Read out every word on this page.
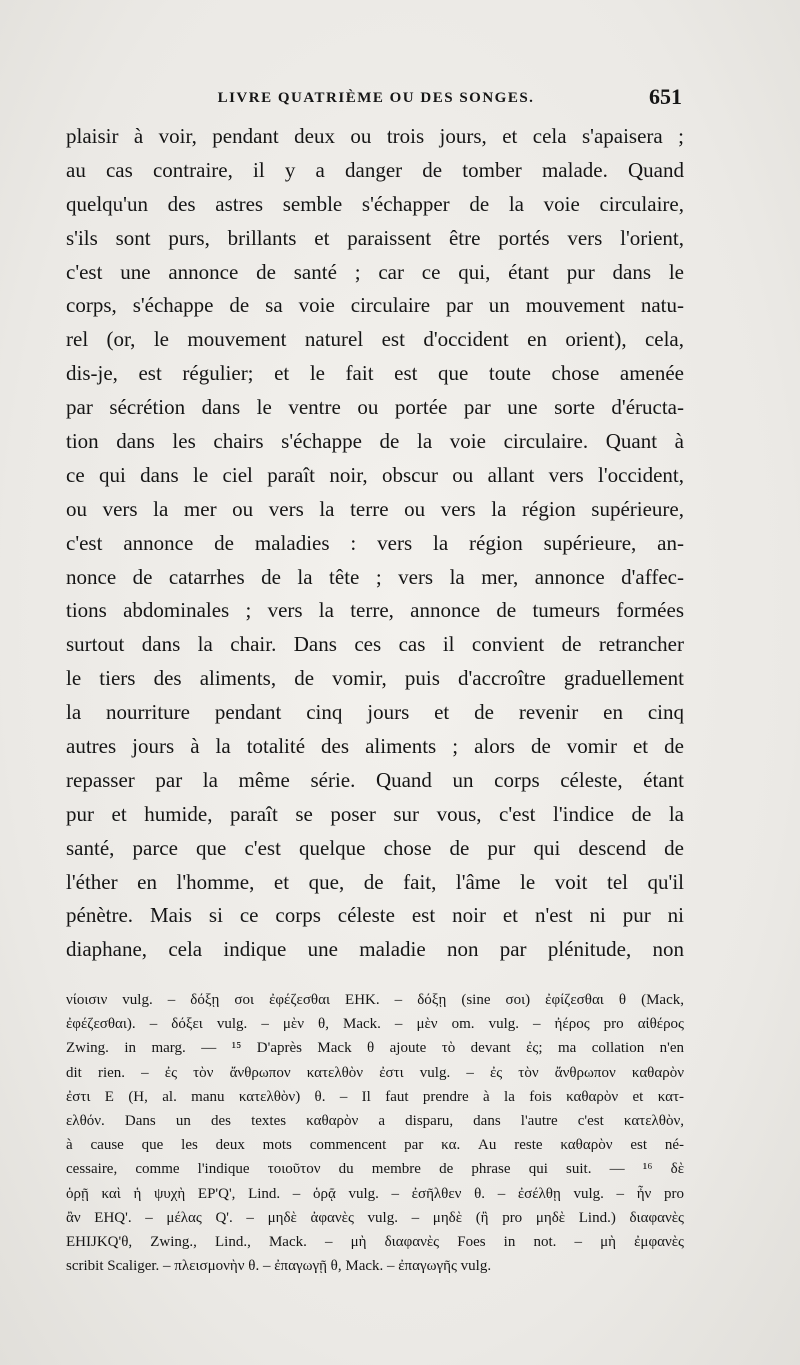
LIVRE QUATRIÈME OU DES SONGES.	651
plaisir à voir, pendant deux ou trois jours, et cela s'apaisera ;
au cas contraire, il y a danger de tomber malade. Quand
quelqu'un des astres semble s'échapper de la voie circulaire,
s'ils sont purs, brillants et paraissent être portés vers l'orient,
c'est une annonce de santé ; car ce qui, étant pur dans le
corps, s'échappe de sa voie circulaire par un mouvement natu-
rel (or, le mouvement naturel est d'occident en orient), cela,
dis-je, est régulier; et le fait est que toute chose amenée
par sécrétion dans le ventre ou portée par une sorte d'éructa-
tion dans les chairs s'échappe de la voie circulaire. Quant à
ce qui dans le ciel paraît noir, obscur ou allant vers l'occident,
ou vers la mer ou vers la terre ou vers la région supérieure,
c'est annonce de maladies : vers la région supérieure, an-
nonce de catarrhes de la tête ; vers la mer, annonce d'affec-
tions abdominales ; vers la terre, annonce de tumeurs formées
surtout dans la chair. Dans ces cas il convient de retrancher
le tiers des aliments, de vomir, puis d'accroître graduellement
la nourriture pendant cinq jours et de revenir en cinq
autres jours à la totalité des aliments ; alors de vomir et de
repasser par la même série. Quand un corps céleste, étant
pur et humide, paraît se poser sur vous, c'est l'indice de la
santé, parce que c'est quelque chose de pur qui descend de
l'éther en l'homme, et que, de fait, l'âme le voit tel qu'il
pénètre. Mais si ce corps céleste est noir et n'est ni pur ni
diaphane, cela indique une maladie non par plénitude, non
νίοισιν vulg. – δόξῃ σοι ἐφέζεσθαι EHK. – δόξῃ (sine σοι) ἐφίζεσθαι θ (Mack,
ἐφέζεσθαι). – δόξει vulg. – μὲν θ, Mack. – μὲν om. vulg. – ἠέρος pro αἰθέρος
Zwing. in marg. — ¹⁵ D'après Mack θ ajoute τὸ devant ἐς; ma collation n'en
dit rien. – ἐς τὸν ἄνθρωπον κατελθὸν ἐστι vulg. – ἐς τὸν ἄνθρωπον καθαρὸν
ἐστι E (H, al. manu κατελθὸν) θ. – Il faut prendre à la fois καθαρὸν et κατ-
ελθόν. Dans un des textes καθαρὸν a disparu, dans l'autre c'est κατελθὸν,
à cause que les deux mots commencent par κα. Au reste καθαρὸν est né-
cessaire, comme l'indique τοιοῦτον du membre de phrase qui suit. — ¹⁶ δὲ
ὁρῇ καὶ ἡ ψυχὴ EP'Q', Lind. – ὁρᾷ vulg. – ἐσῆλθεν θ. – ἐσέλθῃ vulg. – ἦν pro
ἂν EHQ'. – μέλας Q'. – μηδὲ ἀφανὲς vulg. – μηδὲ (ἢ pro μηδὲ Lind.) διαφανὲς
EHIJKQ'θ, Zwing., Lind., Mack. – μὴ διαφανὲς Foes in not. – μὴ ἐμφανὲς
scribit Scaliger. – πλεισμονὴν θ. – ἐπαγωγῇ θ, Mack. – ἐπαγωγῆς vulg.
